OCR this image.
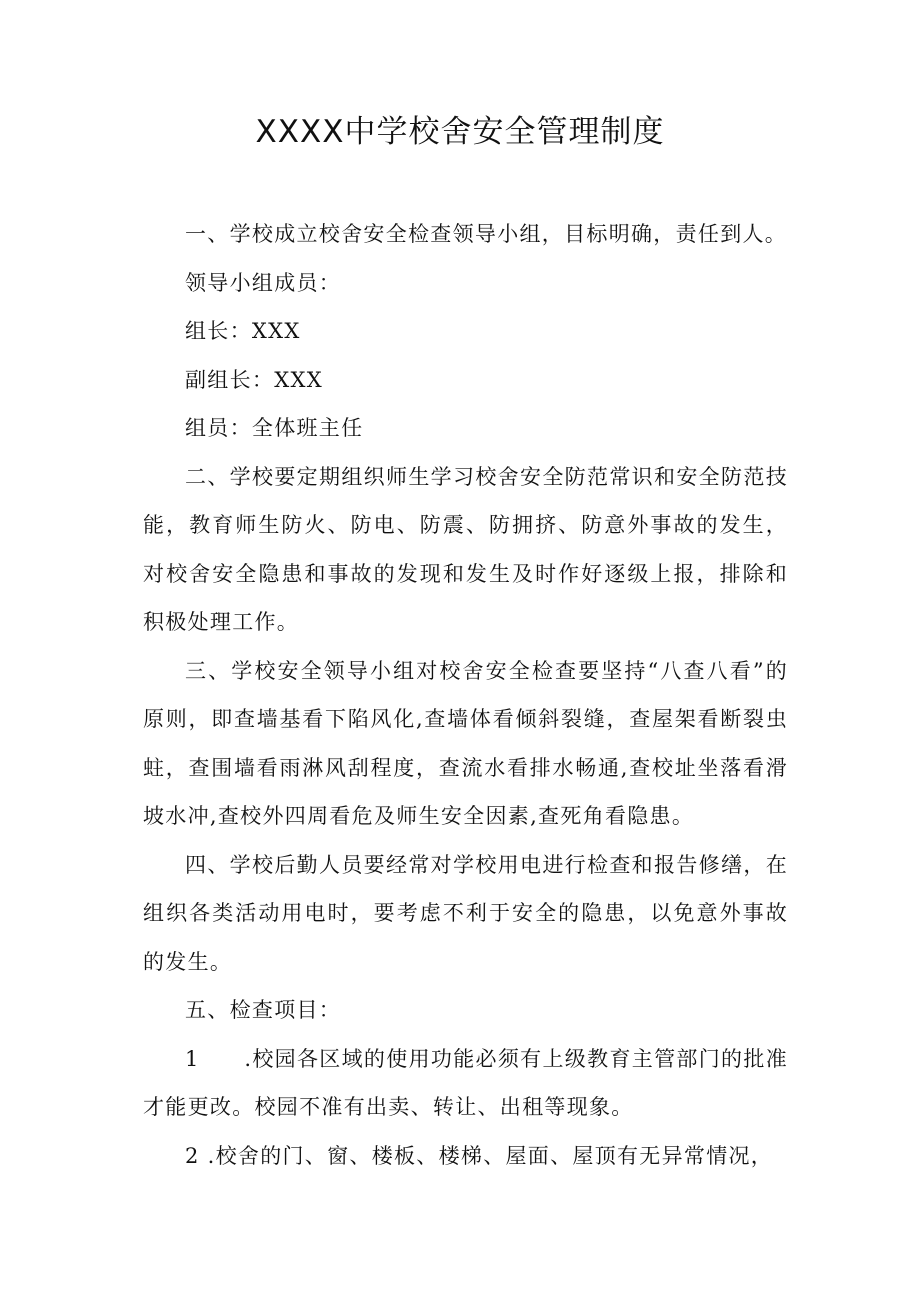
XXXX中学校舍安全管理制度

一、学校成立校舍安全检查领导小组，目标明确，责任到人。

领导小组成员：

组长：XXX

副组长：XXX

组员：全体班主任

二、学校要定期组织师生学习校舍安全防范常识和安全防范技能，教育师生防火、防电、防震、防拥挤、防意外事故的发生，对校舍安全隐患和事故的发现和发生及时作好逐级上报，排除和积极处理工作。

三、学校安全领导小组对校舍安全检查要坚持“八查八看”的原则，即查墙基看下陷风化,查墙体看倾斜裂缝，查屋架看断裂虫蛀，查围墙看雨淋风刮程度，查流水看排水畅通,查校址坐落看滑坡水冲,查校外四周看危及师生安全因素,查死角看隐患。

四、学校后勤人员要经常对学校用电进行检查和报告修缮，在组织各类活动用电时，要考虑不利于安全的隐患，以免意外事故的发生。

五、检查项目：

1　　.校园各区域的使用功能必须有上级教育主管部门的批准才能更改。校园不准有出卖、转让、出租等现象。

2 .校舍的门、窗、楼板、楼梯、屋面、屋顶有无异常情况，
